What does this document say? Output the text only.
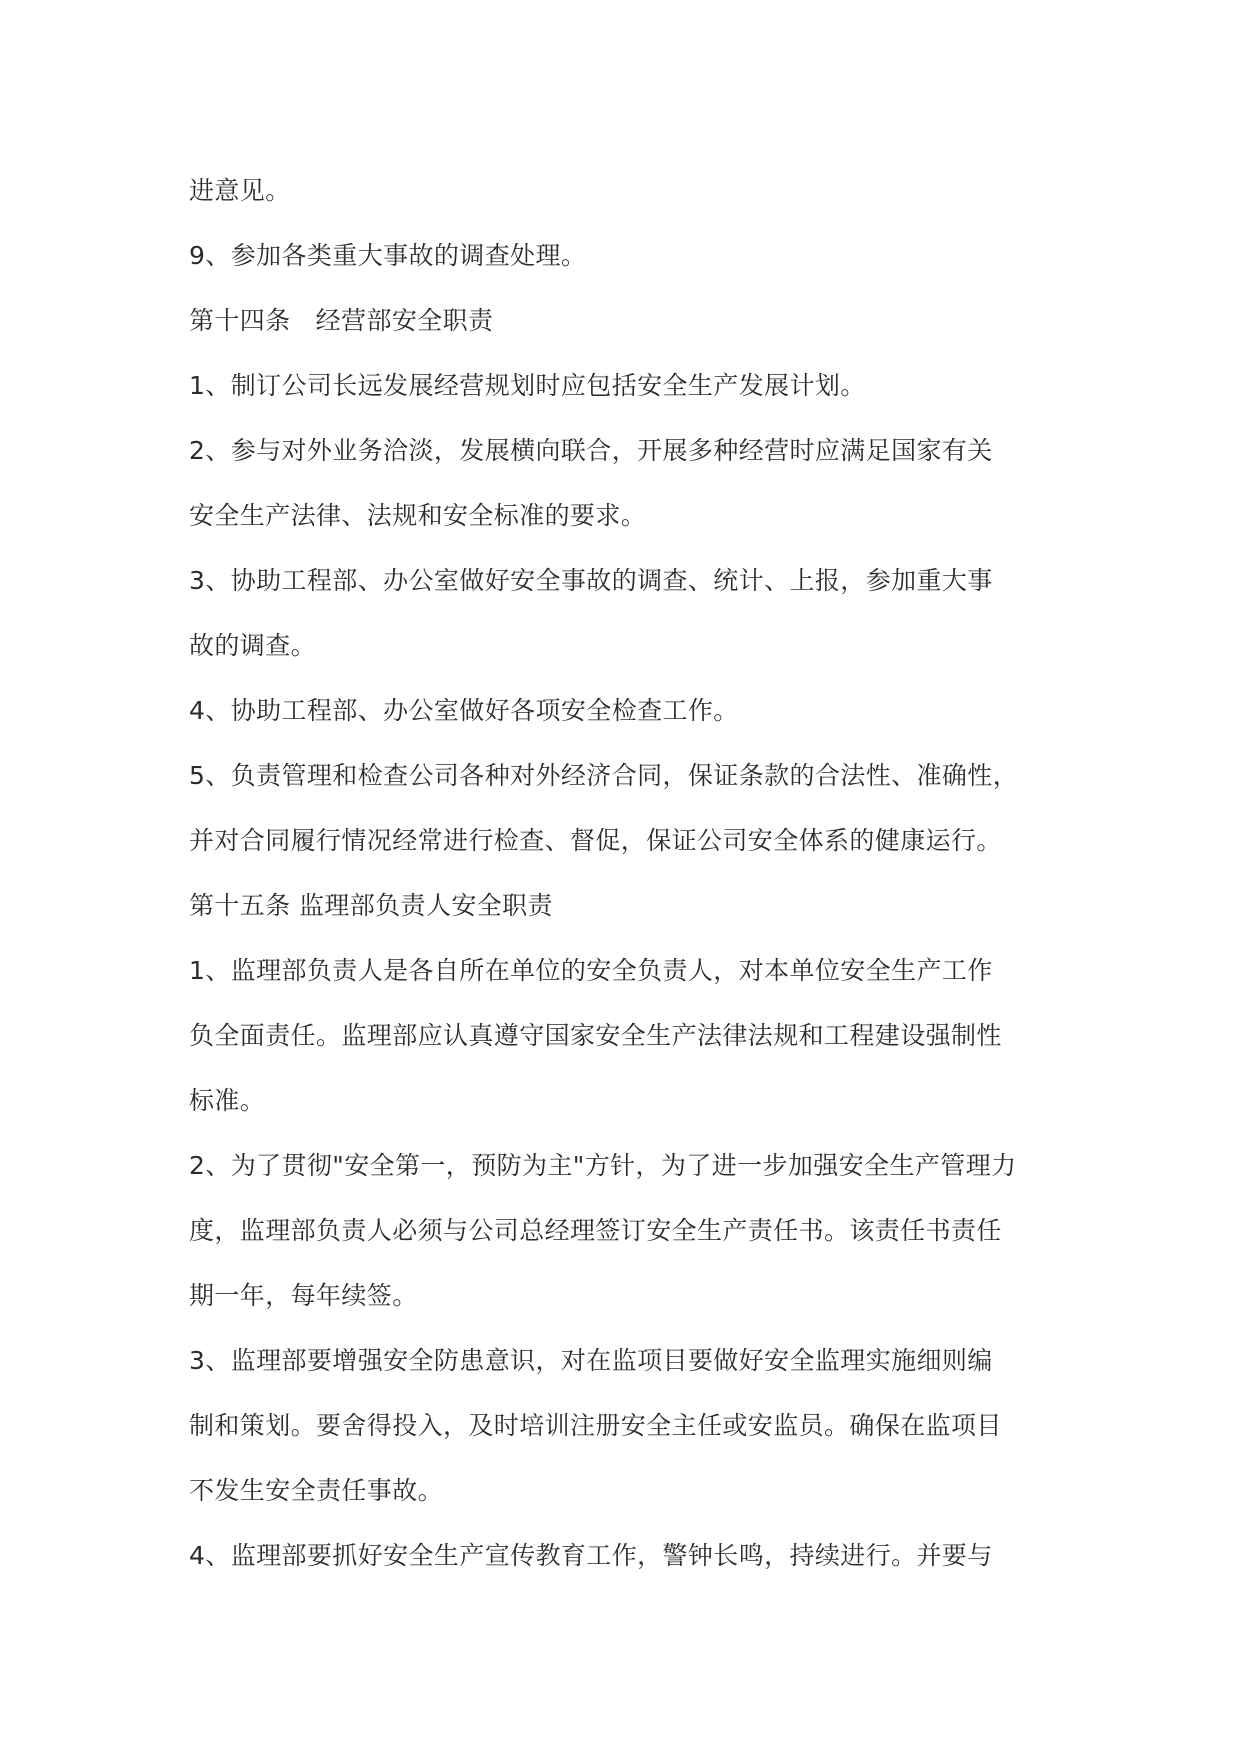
进意见。
9、参加各类重大事故的调查处理。
第十四条   经营部安全职责
1、制订公司长远发展经营规划时应包括安全生产发展计划。
2、参与对外业务洽淡，发展横向联合，开展多种经营时应满足国家有关
安全生产法律、法规和安全标准的要求。
3、协助工程部、办公室做好安全事故的调查、统计、上报，参加重大事
故的调查。
4、协助工程部、办公室做好各项安全检查工作。
5、负责管理和检查公司各种对外经济合同，保证条款的合法性、准确性，
并对合同履行情况经常进行检查、督促，保证公司安全体系的健康运行。
第十五条 监理部负责人安全职责
1、监理部负责人是各自所在单位的安全负责人，对本单位安全生产工作
负全面责任。监理部应认真遵守国家安全生产法律法规和工程建设强制性
标准。
2、为了贯彻"安全第一，预防为主"方针，为了进一步加强安全生产管理力
度，监理部负责人必须与公司总经理签订安全生产责任书。该责任书责任
期一年，每年续签。
3、监理部要增强安全防患意识，对在监项目要做好安全监理实施细则编
制和策划。要舍得投入，及时培训注册安全主任或安监员。确保在监项目
不发生安全责任事故。
4、监理部要抓好安全生产宣传教育工作，警钟长鸣，持续进行。并要与
